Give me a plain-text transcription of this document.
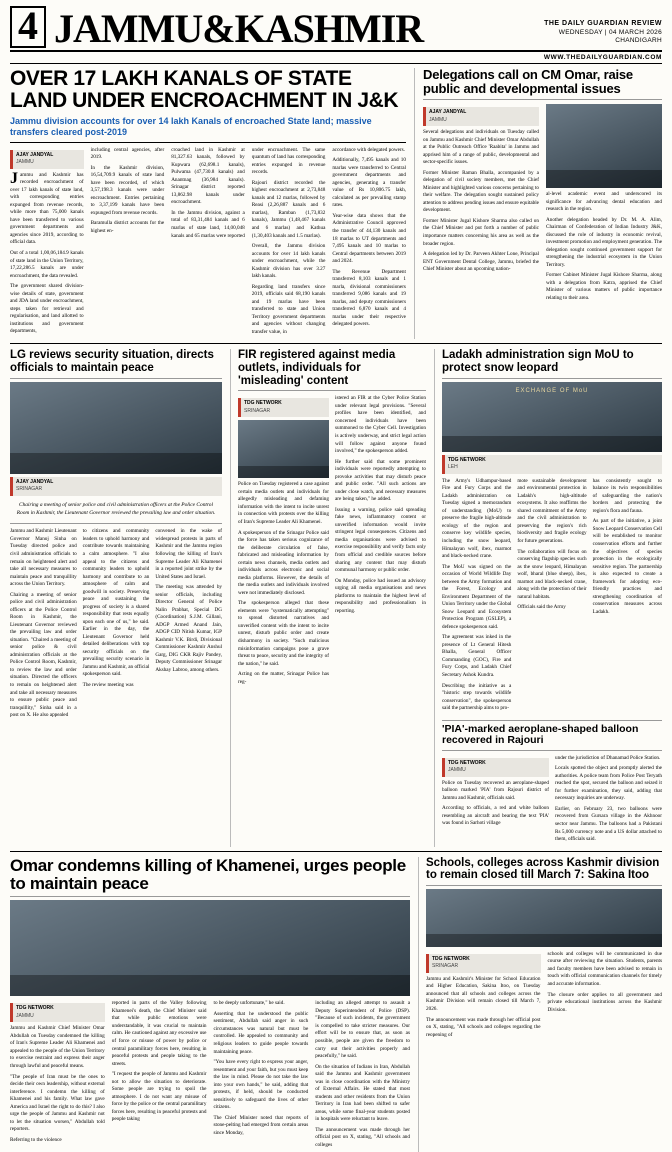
4 JAMMU&KASHMIR	THE DAILY GUARDIAN REVIEW
WEDNESDAY | 04 MARCH 2026
CHANDIGARH
WWW.THEDAILYGUARDIAN.COM
OVER 17 LAKH KANALS OF STATE LAND UNDER ENCROACHMENT IN J&K
Jammu division accounts for over 14 lakh Kanals of encroached State land; massive transfers cleared post-2019
AJAY JANDYAL
JAMMU

Jammu and Kashmir has recorded encroachment of over 17 lakh kanals of state land, with corresponding entries expunged from revenue records, while more than 75,000 kanals have been transferred to various government departments and agencies since 2019, according to official data.

Out of a total 1,00,06,184.9 kanals of state land in the Union Territory, 17,22,286.5 kanals are under encroachment, the data revealed.

The government shared division-wise details of state, government and JDA land under encroachment, steps taken for retrieval and regularisation, and land allotted to institutions and government departments,

including central agencies, after 2019.

In the Kashmir division, 16,54,709.9 kanals of state land have been recorded, of which 3,57,198.3 kanals were under encroachment. Entries pertaining to 3,37,199 kanals have been expunged from revenue records.

Baramulla district accounts for the highest en-

croached land in Kashmir at 81,327.63 kanals, followed by Kupwara (62,698.1 kanals), Pulwama (47,730.8 kanals) and Anantnag (36,984 kanals). Srinagar district reported 13,862.98 kanals under encroachment.

In the Jammu division, against a total of 83,31,484 kanals and 6 marlas of state land, 14,00,048 kanals and 65 marlas were reported

under encroachment. The same quantum of land has corresponding entries expunged in revenue records.

Rajouri district recorded the highest encroachment at 2,73,848 kanals and 12 marlas, followed by Reasi (2,26,887 kanals and 6 marlas), Ramban (1,73,832 kanals), Jammu (1,48,467 kanals and 6 marlas) and Kathua (1,30,403 kanals and 1.5 marlas).

Overall, the Jammu division accounts for over 14 lakh kanals under encroachment, while the Kashmir division has over 3.27 lakh kanals.

Regarding land transfers since 2019, officials said 68,190 kanals and 19 marlas have been transferred to state and Union Territory government departments and agencies without changing transfer value, in

accordance with delegated powers.

Additionally, 7,495 kanals and 10 marlas were transferred to Central government departments and agencies, generating a transfer value of Rs 10,806.75 lakh, calculated as per prevailing stamp rates.

Year-wise data shows that the Administrative Council approved the transfer of 44,130 kanals and 18 marlas to UT departments and 7,495 kanals and 10 marlas to Central departments between 2019 and 2024.

The Revenue Department transferred 8,103 kanals and 1 marla, divisional commissioners transferred 9,086 kanals and 19 marlas, and deputy commissioners transferred 6,870 kanals and 4 marlas under their respective delegated powers.

Delegations call on CM Omar, raise public and developmental issues
AJAY JANDYAL
JAMMU

Several delegations and individuals on Tuesday called on Jammu and Kashmir Chief Minister Omar Abdullah at the Public Outreach Office 'Raabita' in Jammu and apprised him of a range of public, developmental and sector-specific issues.

Former Minister Raman Bhalla, accompanied by a delegation of civil society members, met the Chief Minister and highlighted various concerns pertaining to their welfare. The delegation sought sustained policy attention to address pending issues and ensure equitable development.

Former Minister Jugal Kishore Sharma also called on the Chief Minister and put forth a number of public importance matters concerning his area as well as the broader region.

A delegation led by Dr. Parveen Akhter Lone, Principal ENT Government Dental College, Jammu, briefed the Chief Minister about an upcoming nation-

al-level academic event and underscored its significance for advancing dental education and research in the region.

Another delegation headed by Dr. M. A. Alim, Chairman of Confederation of Indian Industry J&K, discussed the role of industry in economic revival, investment promotion and employment generation. The delegation sought continued government support for strengthening the industrial ecosystem in the Union Territory.

Former Cabinet Minister Jugal Kishore Sharma, along with a delegation from Katra, apprised the Chief Minister of various matters of public importance relating to their area.

LG reviews security situation, directs officials to maintain peace
AJAY JANDYAL
SRINAGAR
Chairing a meeting of senior police and civil administration officers at the Police Control Room in Kashmir, the Lieutenant Governor reviewed the prevailing law and order situation.

Jammu and Kashmir Lieutenant Governor Manoj Sinha on Tuesday directed police and civil administration officials to remain on heightened alert and take all necessary measures to maintain peace and tranquillity across the Union Territory.

Chairing a meeting of senior police and civil administration officers at the Police Control Room in Kashmir, the Lieutenant Governor reviewed the prevailing law and order situation. "Chaired a meeting of senior police & civil administration officials at the Police Control Room, Kashmir, to review the law and order situation. Directed the officers to remain on heightened alert and take all necessary measures to ensure public peace and tranquillity," Sinha said in a post on X. He also appealed

to citizens and community leaders to uphold harmony and contribute towards maintaining a calm atmosphere. "I also appeal to the citizens and community leaders to uphold harmony and contribute to an atmosphere of calm and goodwill in society. Preserving peace and sustaining the progress of society is a shared responsibility that rests equally upon each one of us," he said. Earlier in the day, the Lieutenant Governor held detailed deliberations with top security officials on the prevailing security scenario in Jammu and Kashmir, an official spokesperson said.

The review meeting was

convened in the wake of widespread protests in parts of Kashmir and the Jammu region following the killing of Iran's Supreme Leader Ali Khamenei in a reported joint strike by the United States and Israel.

The meeting was attended by senior officials, including Director General of Police Nalin Prabhat, Special DG (Coordination) S.J.M. Gillani, ADGP Armed Anand Jain, ADGP CID Nitish Kumar, IGP Kashmir V.K. Birdi, Divisional Commissioner Kashmir Anshul Garg, DIG CKR Rajiv Pandey, Deputy Commissioner Srinagar Akshay Labroo, among others.

FIR registered against media outlets, individuals for 'misleading' content
TDG NETWORK
SRINAGAR

Police on Tuesday registered a case against certain media outlets and individuals for allegedly misleading and defaming information with the intent to incite unrest in connection with protests over the killing of Iran's Supreme Leader Ali Khamenei.

A spokesperson of the Srinagar Police said the force has taken serious cognizance of the deliberate circulation of false, fabricated and misleading information by certain news channels, media outlets and individuals across electronic and social media platforms. However, the details of the media outlets and individuals involved were not immediately disclosed.

The spokesperson alleged that these elements were "systematically attempting" to spread distorted narratives and unverified content with the intent to incite unrest, disturb public order and create disharmony in society. "Such malicious misinformation campaigns pose a grave threat to peace, security and the integrity of the nation," he said.

Acting on the matter, Srinagar Police has reg-

istered an FIR at the Cyber Police Station under relevant legal provisions. "Several profiles have been identified, and concerned individuals have been summoned to the Cyber Cell. Investigation is actively underway, and strict legal action will follow against anyone found involved," the spokesperson added.

He further said that some prominent individuals were reportedly attempting to provoke activities that may disturb peace and public order. "All such actions are under close watch, and necessary measures are being taken," he added.

Issuing a warning, police said spreading fake news, inflammatory content or unverified information would invite stringent legal consequences. Citizens and media organisations were advised to exercise responsibility and verify facts only from official and credible sources before sharing any content that may disturb communal harmony or public order.

On Monday, police had issued an advisory urging all media organisations and news platforms to maintain the highest level of responsibility and professionalism in reporting.

Ladakh administration sign MoU to protect snow leopard
EXCHANGE OF MoU
TDG NETWORK
LEH

The Army's Udhampur-based Fire and Fury Corps and the Ladakh administration on Tuesday signed a memorandum of understanding (MoU) to preserve the fragile high-altitude ecology of the region and conserve key wildlife species, including the snow leopard, Himalayan wolf, ibex, marmot and black-necked crane.

The MoU was signed on the occasion of World Wildlife Day between the Army formation and the Forest, Ecology and Environment Department of the Union Territory under the Global Snow Leopard and Ecosystem Protection Program (GSLEP), a defence spokesperson said.

The agreement was inked in the presence of Lt General Hitesh Bhalla, General Officer Commanding (GOC), Fire and Fury Corps, and Ladakh Chief Secretary Ashok Kundra.

Describing the initiative as a "historic step towards wildlife conservation", the spokesperson said the partnership aims to pro-

mote sustainable development and environmental protection in Ladakh's high-altitude ecosystems. It also reaffirms the shared commitment of the Army and the civil administration to preserving the region's rich biodiversity and fragile ecology for future generations.

The collaboration will focus on conserving flagship species such as the snow leopard, Himalayan wolf, bharal (blue sheep), ibex, marmot and black-necked crane, along with the protection of their natural habitats.

Officials said the Army

has consistently sought to balance its twin responsibilities of safeguarding the nation's borders and protecting the region's flora and fauna.

As part of the initiative, a joint Snow Leopard Conservation Cell will be established to monitor conservation efforts and further the objectives of species protection in the ecologically sensitive region. The partnership is also expected to create a framework for adopting eco-friendly practices and strengthening coordination of conservation measures across Ladakh.

'PIA'-marked aeroplane-shaped balloon recovered in Rajouri
TDG NETWORK
JAMMU

Police on Tuesday recovered an aeroplane-shaped balloon marked 'PIA' from Rajouri district of Jammu and Kashmir, officials said.

According to officials, a red and white balloon resembling an aircraft and bearing the text 'PIA' was found in Sarhoti village

under the jurisdiction of Dhanamad Police Station.

Locals spotted the object and promptly alerted the authorities. A police team from Police Post Teryath reached the spot, secured the balloon and seized it for further examination, they said, adding that necessary inquiries are underway.

Earlier, on February 23, two balloons were recovered from Gursara village in the Akhnoor sector near Jammu. The balloons had a Pakistani Rs 5,000 currency note and a US dollar attached to them, officials said.

Omar condemns killing of Khamenei, urges people to maintain peace
TDG NETWORK
JAMMU

Jammu and Kashmir Chief Minister Omar Abdullah on Tuesday condemned the killing of Iran's Supreme Leader Ali Khamenei and appealed to the people of the Union Territory to exercise restraint and express their anger through lawful and peaceful means.

"The people of Iran must be the ones to decide their own leadership, without external interference. I condemn the killing of Khamenei and his family. What law gave America and Israel the right to do this? I also urge the people of Jammu and Kashmir not to let the situation worsen," Abdullah told reporters.

Referring to the violence

reported in parts of the Valley following Khamenei's death, the Chief Minister said that while public emotions were understandable, it was crucial to maintain calm. He cautioned against any excessive use of force or misuse of power by police or central paramilitary forces here, resulting in peaceful protests and people taking to the streets.

"I request the people of Jammu and Kashmir not to allow the situation to deteriorate. Some people are trying to spoil the atmosphere. I do not want any misuse of force by the police or the central paramilitary forces here, resulting in peaceful protests and people taking

to be deeply unfortunate," he said.

Asserting that he understood the public sentiment, Abdullah said anger in such circumstances was natural but must be controlled. He appealed to community and religious leaders to guide people towards maintaining peace.

"You have every right to express your anger, resentment and your faith, but you must keep the law in mind. Please do not take the law into your own hands," he said, adding that protests, if held, should be conducted sensitively to safeguard the lives of other citizens.

The Chief Minister noted that reports of stone-pelting had emerged from certain areas since Monday,

including an alleged attempt to assault a Deputy Superintendent of Police (DSP). "Because of such incidents, the government is compelled to take stricter measures. Our effort will be to ensure that, as soon as possible, people are given the freedom to carry out their activities properly and peacefully," he said.

On the situation of Indians in Iran, Abdullah said the Jammu and Kashmir government was in close coordination with the Ministry of External Affairs. He stated that most students and other residents from the Union Territory in Iran had been shifted to safer areas, while some final-year students posted in hospitals were reluctant to leave.

The announcement was made through her official post on X, stating, "All schools and colleges

Schools, colleges across Kashmir division to remain closed till March 7: Sakina Itoo
TDG NETWORK
SRINAGAR

Jammu and Kashmir's Minister for School Education and Higher Education, Sakina Itoo, on Tuesday announced that all schools and colleges across the Kashmir Division will remain closed till March 7, 2026.

The announcement was made through her official post on X, stating, "All schools and colleges regarding the reopening of

schools and colleges will be communicated in due course after reviewing the situation. Students, parents and faculty members have been advised to remain in touch with official communication channels for timely and accurate information.

The closure order applies to all government and private educational institutions across the Kashmir Division.
